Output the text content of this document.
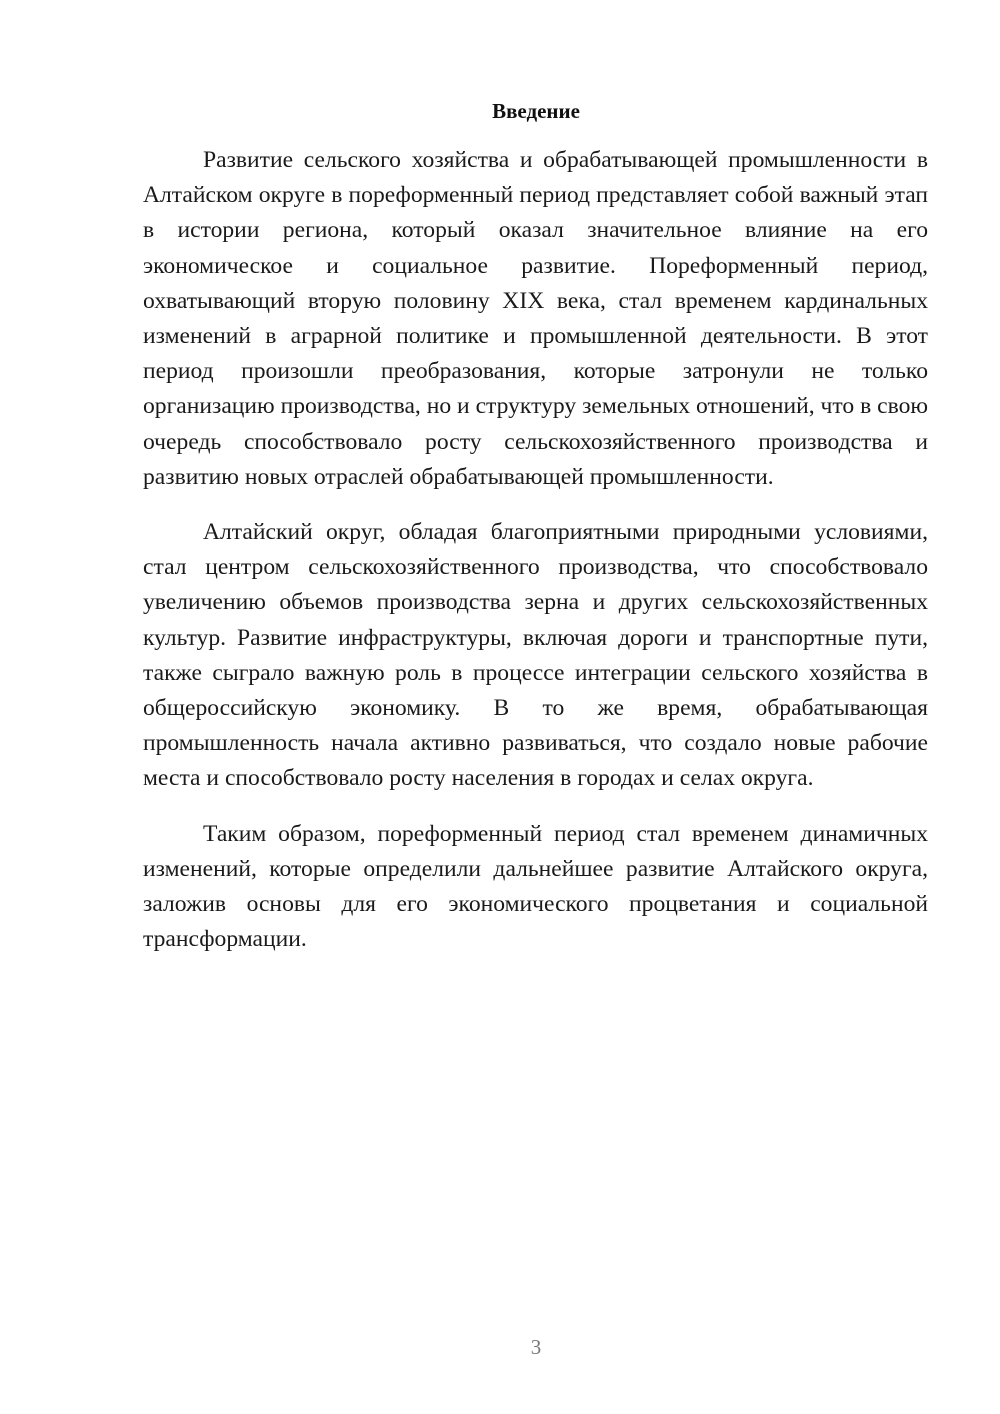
Введение

Развитие сельского хозяйства и обрабатывающей промышленности в Алтайском округе в пореформенный период представляет собой важный этап в истории региона, который оказал значительное влияние на его экономическое и социальное развитие. Пореформенный период, охватывающий вторую половину XIX века, стал временем кардинальных изменений в аграрной политике и промышленной деятельности. В этот период произошли преобразования, которые затронули не только организацию производства, но и структуру земельных отношений, что в свою очередь способствовало росту сельскохозяйственного производства и развитию новых отраслей обрабатывающей промышленности.

Алтайский округ, обладая благоприятными природными условиями, стал центром сельскохозяйственного производства, что способствовало увеличению объемов производства зерна и других сельскохозяйственных культур. Развитие инфраструктуры, включая дороги и транспортные пути, также сыграло важную роль в процессе интеграции сельского хозяйства в общероссийскую экономику. В то же время, обрабатывающая промышленность начала активно развиваться, что создало новые рабочие места и способствовало росту населения в городах и селах округа.

Таким образом, пореформенный период стал временем динамичных изменений, которые определили дальнейшее развитие Алтайского округа, заложив основы для его экономического процветания и социальной трансформации.

3
